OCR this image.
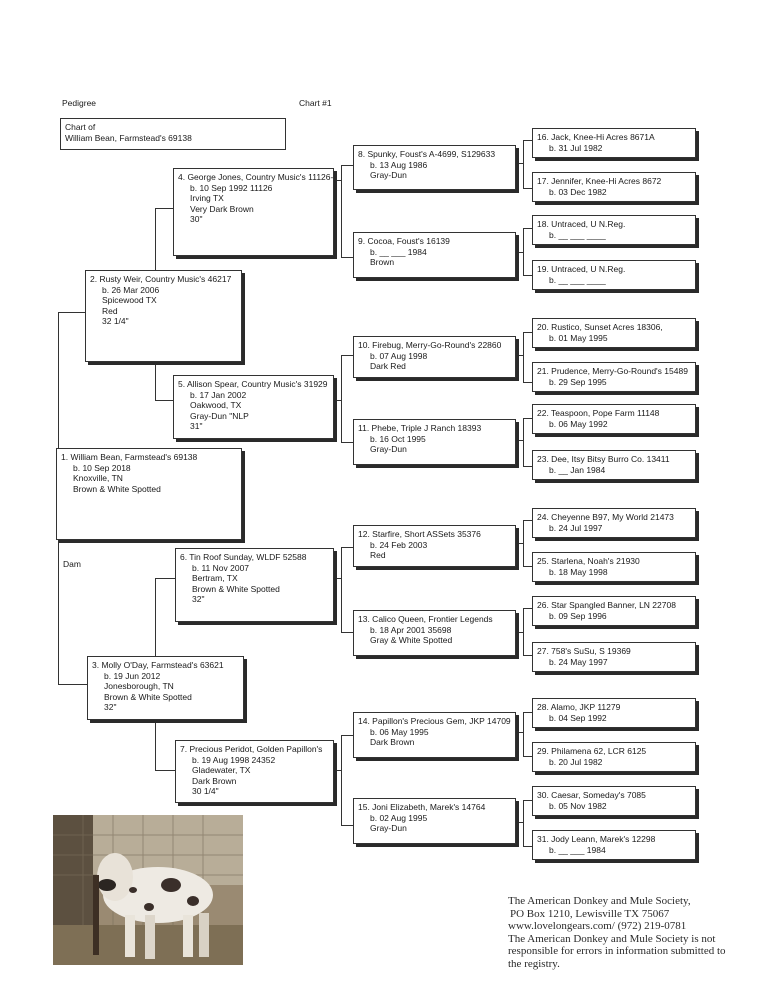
Pedigree	Chart #1
Chart of
William Bean, Farmstead's 69138
1. William Bean, Farmstead's 69138
b. 10 Sep 2018
Knoxville, TN
Brown & White Spotted
2. Rusty Weir, Country Music's 46217
b. 26 Mar 2006
Spicewood TX
Red
32 1/4"
3. Molly O'Day, Farmstead's 63621
b. 19 Jun 2012
Jonesborough, TN
Brown & White Spotted
32"
4. George Jones, Country Music's 11126-
b. 10 Sep 1992 11126
Irving TX
Very Dark Brown
30"
5. Allison Spear, Country Music's 31929
b. 17 Jan 2002
Oakwood, TX
Gray-Dun "NLP
31"
6. Tin Roof Sunday, WLDF 52588
b. 11 Nov 2007
Bertram, TX
Brown & White Spotted
32"
7. Precious Peridot, Golden Papillon's
b. 19 Aug 1998 24352
Gladewater, TX
Dark Brown
30 1/4"
8. Spunky, Foust's A-4699, S129633
b. 13 Aug 1986
Gray-Dun
9. Cocoa, Foust's 16139
b. __ ___ 1984
Brown
10. Firebug, Merry-Go-Round's 22860
b. 07 Aug 1998
Dark Red
11. Phebe, Triple J Ranch 18393
b. 16 Oct 1995
Gray-Dun
12. Starfire, Short ASSets 35376
b. 24 Feb 2003
Red
13. Calico Queen, Frontier Legends
b. 18 Apr 2001 35698
Gray & White Spotted
14. Papillon's Precious Gem, JKP 14709
b. 06 May 1995
Dark Brown
15. Joni Elizabeth, Marek's 14764
b. 02 Aug 1995
Gray-Dun
16. Jack, Knee-Hi Acres 8671A
b. 31 Jul 1982
17. Jennifer, Knee-Hi Acres 8672
b. 03 Dec 1982
18. Untraced, U N.Reg.
b. __ ___ ____
19. Untraced, U N.Reg.
b. __ ___ ____
20. Rustico, Sunset Acres 18306,
b. 01 May 1995
21. Prudence, Merry-Go-Round's 15489
b. 29 Sep 1995
22. Teaspoon, Pope Farm 11148
b. 06 May 1992
23. Dee, Itsy Bitsy Burro Co. 13411
b. __ Jan 1984
24. Cheyenne B97, My World 21473
b. 24 Jul 1997
25. Starlena, Noah's 21930
b. 18 May 1998
26. Star Spangled Banner, LN 22708
b. 09 Sep 1996
27. 758's SuSu, S 19369
b. 24 May 1997
28. Alamo, JKP 11279
b. 04 Sep 1992
29. Philamena 62, LCR 6125
b. 20 Jul 1982
30. Caesar, Someday's 7085
b. 05 Nov 1982
31. Jody Leann, Marek's 12298
b. __ ___ 1984
Dam
The American Donkey and Mule Society,
PO Box 1210, Lewisville TX 75067
www.lovelongears.com/ (972) 219-0781
The American Donkey and Mule Society is not
responsible for errors in information submitted to
the registry.
